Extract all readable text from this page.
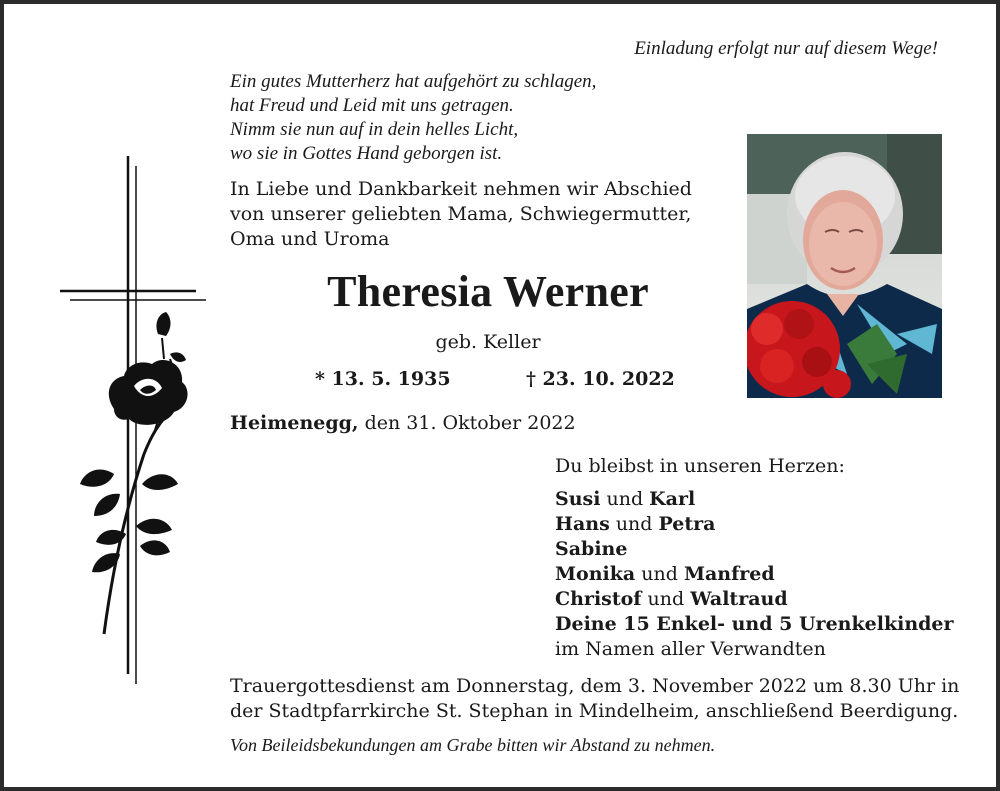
Einladung erfolgt nur auf diesem Wege!
Ein gutes Mutterherz hat aufgehört zu schlagen,
hat Freud und Leid mit uns getragen.
Nimm sie nun auf in dein helles Licht,
wo sie in Gottes Hand geborgen ist.
In Liebe und Dankbarkeit nehmen wir Abschied
von unserer geliebten Mama, Schwiegermutter,
Oma und Uroma
Theresia Werner
geb. Keller
* 13. 5. 1935	† 23. 10. 2022
Heimenegg, den 31. Oktober 2022
Du bleibst in unseren Herzen:
Susi und Karl
Hans und Petra
Sabine
Monika und Manfred
Christof und Waltraud
Deine 15 Enkel- und 5 Urenkelkinder
im Namen aller Verwandten
Trauergottesdienst am Donnerstag, dem 3. November 2022 um 8.30 Uhr in
der Stadtpfarrkirche St. Stephan in Mindelheim, anschließend Beerdigung.
Von Beileidsbekundungen am Grabe bitten wir Abstand zu nehmen.
